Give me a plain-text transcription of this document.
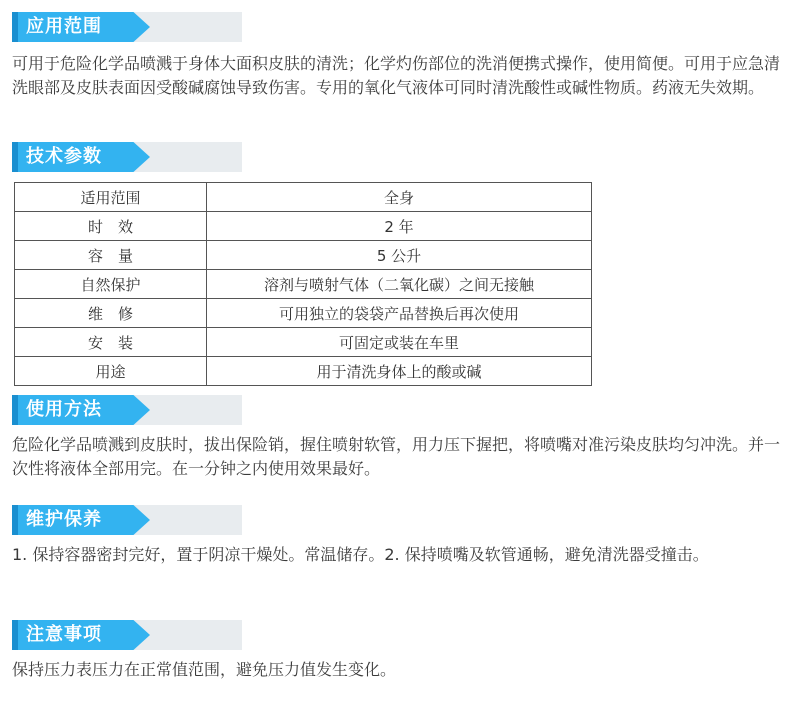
应用范围
可用于危险化学品喷溅于身体大面积皮肤的清洗；化学灼伤部位的洗消便携式操作，使用简便。可用于应急清洗眼部及皮肤表面因受酸碱腐蚀导致伤害。专用的氧化气液体可同时清洗酸性或碱性物质。药液无失效期。
技术参数
适用范围	全身
时　效	2 年
容　量	5 公升
自然保护	溶剂与喷射气体（二氧化碳）之间无接触
维　修	可用独立的袋袋产品替换后再次使用
安　装	可固定或装在车里
用途	用于清洗身体上的酸或碱
使用方法
危险化学品喷溅到皮肤时，拔出保险销，握住喷射软管，用力压下握把，将喷嘴对准污染皮肤均匀冲洗。并一次性将液体全部用完。在一分钟之内使用效果最好。
维护保养
1. 保持容器密封完好，置于阴凉干燥处。常温储存。2. 保持喷嘴及软管通畅，避免清洗器受撞击。
注意事项
保持压力表压力在正常值范围，避免压力值发生变化。
